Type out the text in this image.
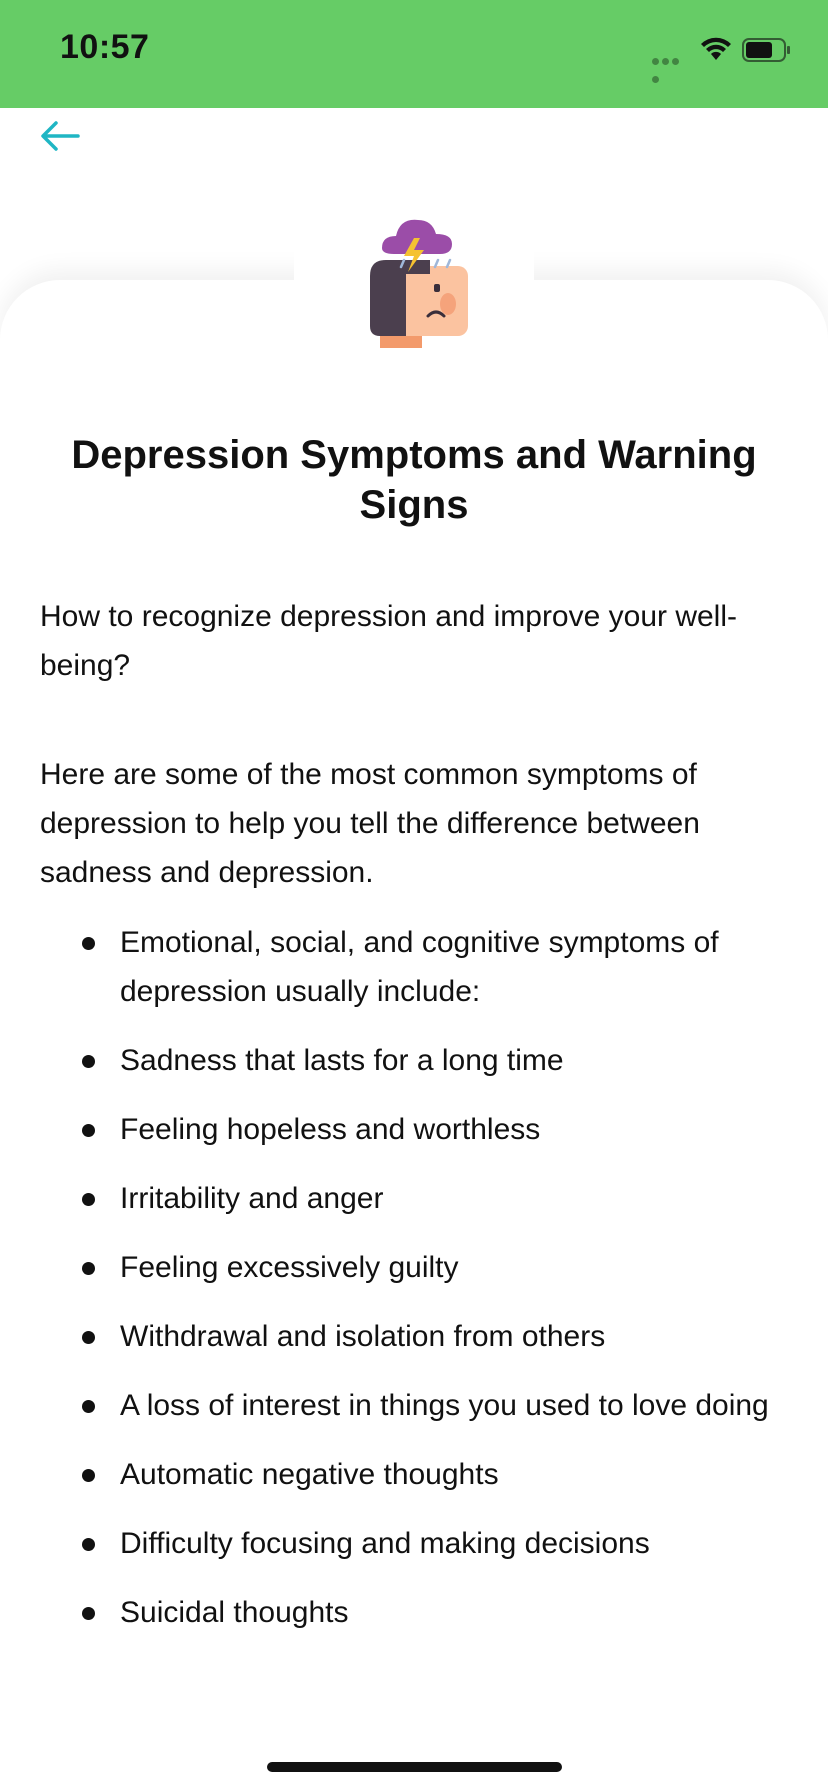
10:57
Depression Symptoms and Warning Signs
How to recognize depression and improve your well-being?
Here are some of the most common symptoms of depression to help you tell the difference between sadness and depression.
Emotional, social, and cognitive symptoms of depression usually include:
Sadness that lasts for a long time
Feeling hopeless and worthless
Irritability and anger
Feeling excessively guilty
Withdrawal and isolation from others
A loss of interest in things you used to love doing
Automatic negative thoughts
Difficulty focusing and making decisions
Suicidal thoughts
